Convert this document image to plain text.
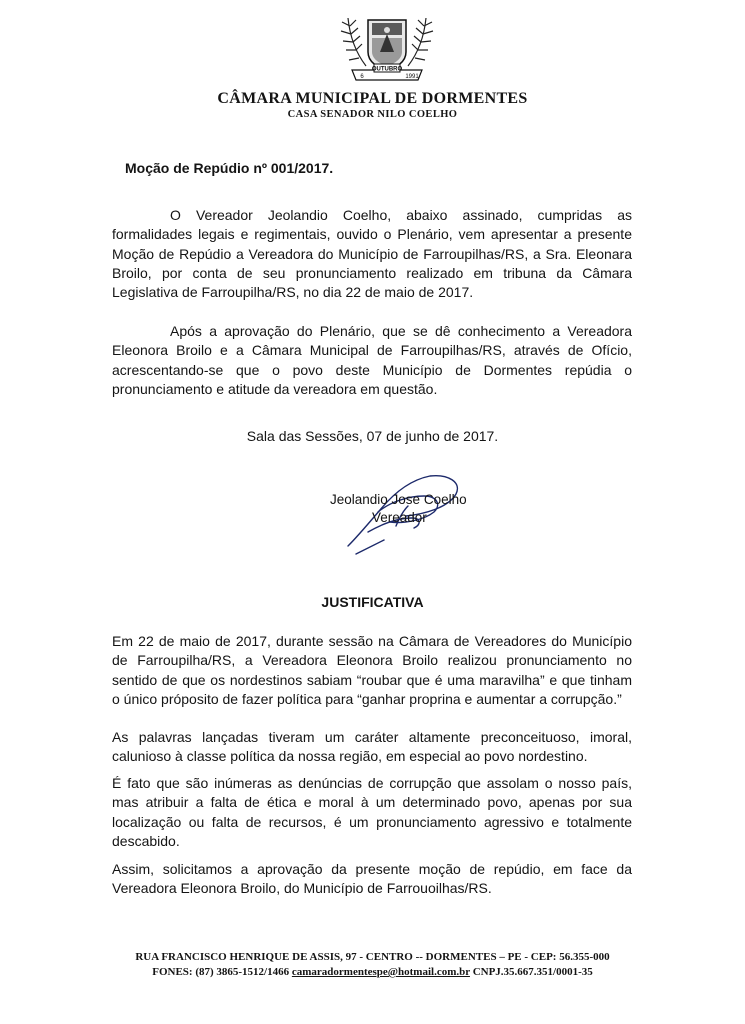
OUTUBRO
6	1991
CÂMARA MUNICIPAL DE DORMENTES
CASA SENADOR NILO COELHO
Moção de Repúdio nº 001/2017.

O Vereador Jeolandio Coelho, abaixo assinado, cumpridas as formalidades legais e regimentais, ouvido o Plenário, vem apresentar a presente Moção de Repúdio a Vereadora do Município de Farroupilhas/RS, a Sra. Eleonara Broilo, por conta de seu pronunciamento realizado em tribuna da Câmara Legislativa de Farroupilha/RS, no dia 22 de maio de 2017.

Após a aprovação do Plenário, que se dê conhecimento a Vereadora Eleonora Broilo e a Câmara Municipal de Farroupilhas/RS, através de Ofício, acrescentando-se que o povo deste Município de Dormentes repúdia o pronunciamento e atitude da vereadora em questão.

Sala das Sessões, 07 de junho de 2017.
Jeolandio Jose Coelho
Vereador
JUSTIFICATIVA

Em 22 de maio de 2017, durante sessão na Câmara de Vereadores do Município de Farroupilha/RS, a Vereadora Eleonora Broilo realizou pronunciamento no sentido de que os nordestinos sabiam “roubar que é uma maravilha” e que tinham o único próposito de fazer política para “ganhar proprina e aumentar a corrupção.”

As palavras lançadas tiveram um caráter altamente preconceituoso, imoral, calunioso à classe política da nossa região, em especial ao povo nordestino.

É fato que são inúmeras as denúncias de corrupção que assolam o nosso país, mas atribuir a falta de ética e moral à um determinado povo, apenas por sua localização ou falta de recursos, é um pronunciamento agressivo e totalmente descabido.

Assim, solicitamos a aprovação da presente moção de repúdio, em face da Vereadora Eleonora Broilo, do Município de Farrouoilhas/RS.

RUA FRANCISCO HENRIQUE DE ASSIS, 97 - CENTRO -- DORMENTES – PE - CEP: 56.355-000
FONES: (87) 3865-1512/1466 camaradormentespe@hotmail.com.br CNPJ.35.667.351/0001-35
